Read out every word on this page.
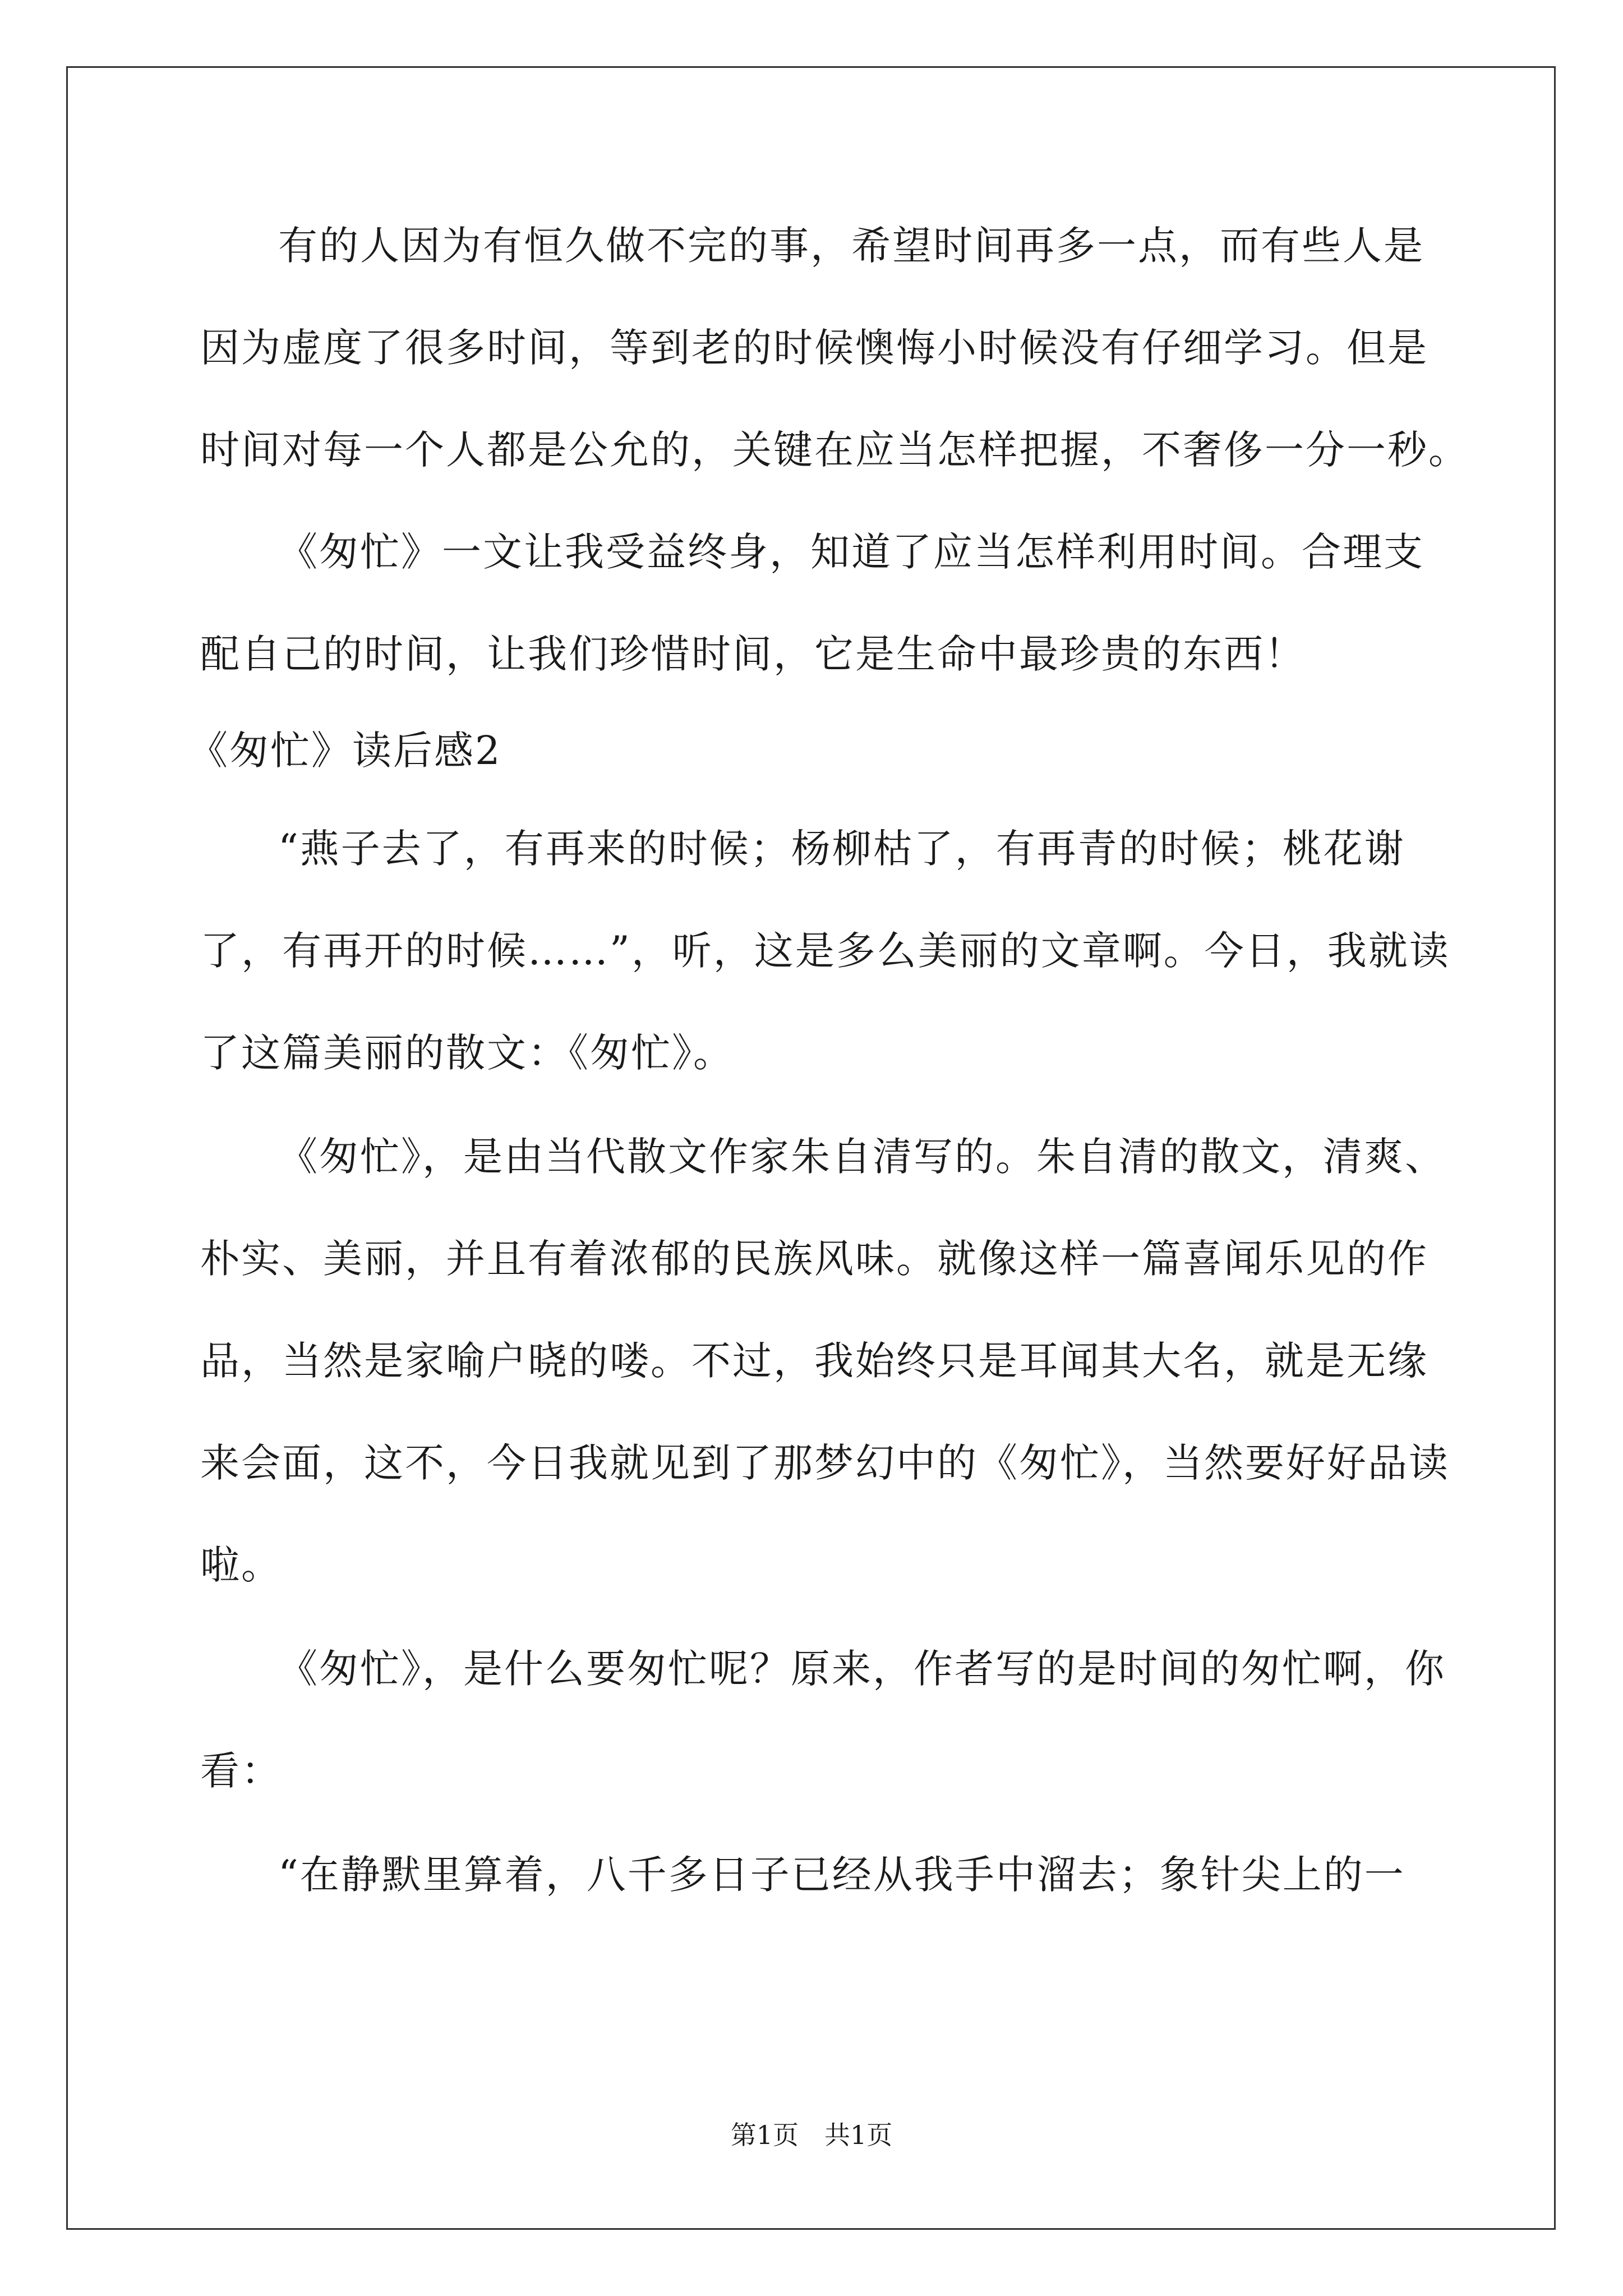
有的人因为有恒久做不完的事，希望时间再多一点，而有些人是
因为虚度了很多时间，等到老的时候懊悔小时候没有仔细学习。但是
时间对每一个人都是公允的，关键在应当怎样把握，不奢侈一分一秒。
《匆忙》一文让我受益终身，知道了应当怎样利用时间。合理支
配自己的时间，让我们珍惜时间，它是生命中最珍贵的东西！
《匆忙》读后感2
“燕子去了，有再来的时候；杨柳枯了，有再青的时候；桃花谢
了，有再开的时候……”，听，这是多么美丽的文章啊。今日，我就读
了这篇美丽的散文：《匆忙》。
《匆忙》，是由当代散文作家朱自清写的。朱自清的散文，清爽、
朴实、美丽，并且有着浓郁的民族风味。就像这样一篇喜闻乐见的作
品，当然是家喻户晓的喽。不过，我始终只是耳闻其大名，就是无缘
来会面，这不，今日我就见到了那梦幻中的《匆忙》，当然要好好品读
啦。
《匆忙》，是什么要匆忙呢？原来，作者写的是时间的匆忙啊，你
看：
“在静默里算着，八千多日子已经从我手中溜去；象针尖上的一
第1页　共1页
